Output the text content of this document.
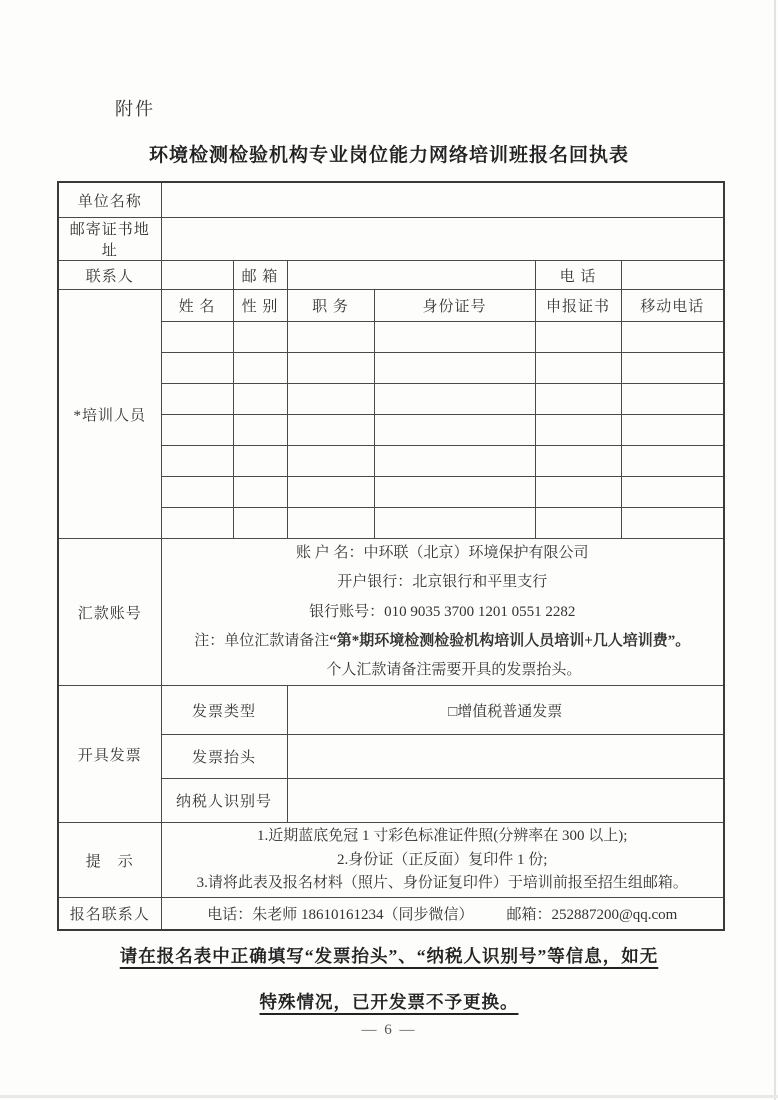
附件
环境检测检验机构专业岗位能力网络培训班报名回执表
单位名称						
邮寄证书地址						
联系人		邮 箱			电 话	
*培训人员	姓 名	性 别	职 务	身份证号	申报证书	移动电话

汇款账号	账 户 名：中环联（北京）环境保护有限公司
开户银行：北京银行和平里支行
银行账号：010 9035 3700 1201 0551 2282
注：单位汇款请备注“第*期环境检测检验机构培训人员培训+几人培训费”。
个人汇款请备注需要开具的发票抬头。					

开具发票	发票类型		□增值税普通发票			
	发票抬头					
	纳税人识别号					
提　示	1.近期蓝底免冠 1 寸彩色标准证件照(分辨率在 300 以上);
2.身份证（正反面）复印件 1 份;
3.请将此表及报名材料（照片、身份证复印件）于培训前报至招生组邮箱。					

报名联系人	电话：朱老师 18610161234（同步微信） 邮箱：252887200@qq.com					
请在报名表中正确填写“发票抬头”、“纳税人识别号”等信息，如无
特殊情况，已开发票不予更换。
— 6 —
